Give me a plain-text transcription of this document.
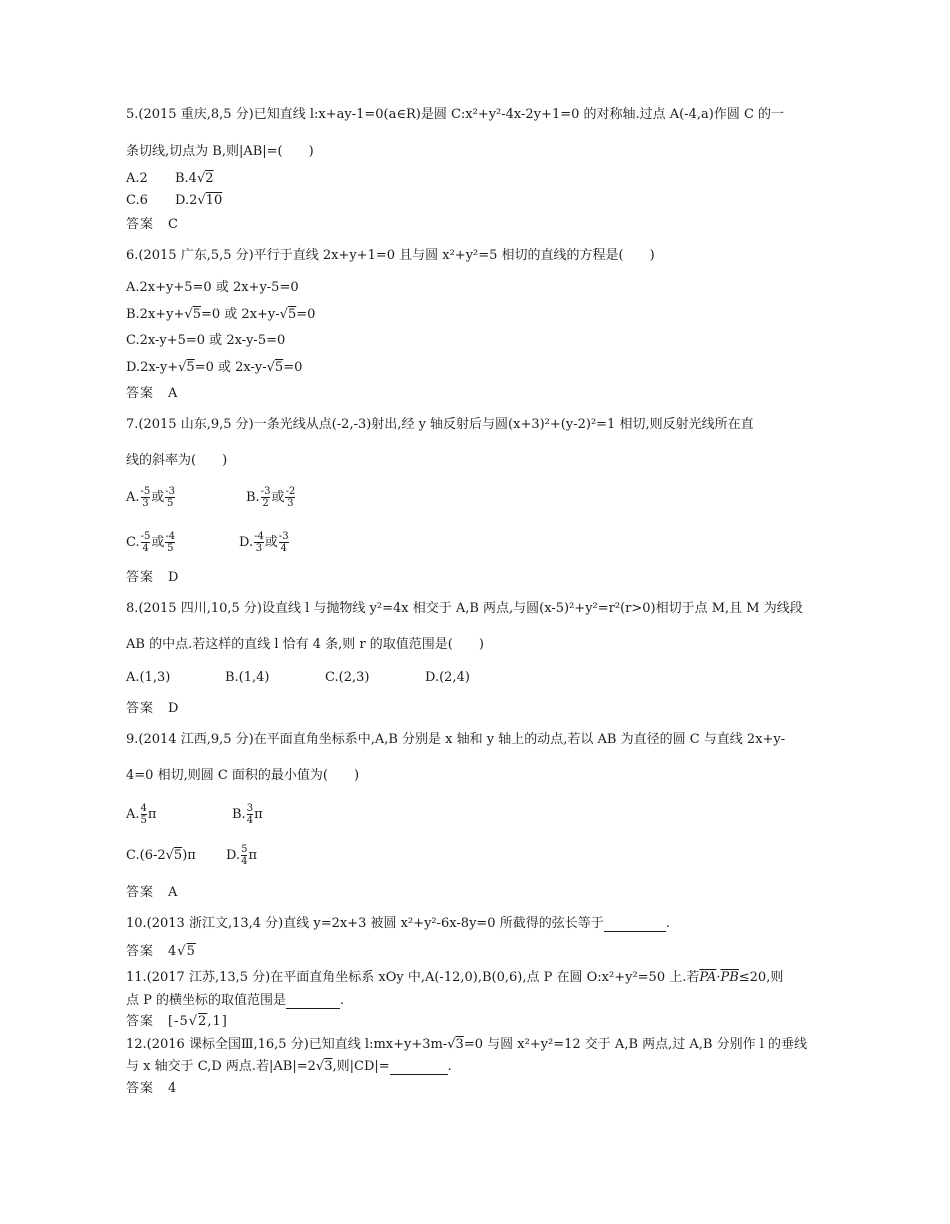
5.(2015 重庆,8,5 分)已知直线 l:x+ay-1=0(a∈R)是圆 C:x²+y²-4x-2y+1=0 的对称轴.过点 A(-4,a)作圆 C 的一
条切线,切点为 B,则|AB|=(　　)
A.2 B.4√2
C.6 D.2√10
答案　C
6.(2015 广东,5,5 分)平行于直线 2x+y+1=0 且与圆 x²+y²=5 相切的直线的方程是(　　)
A.2x+y+5=0 或 2x+y-5=0
B.2x+y+√5=0 或 2x+y-√5=0
C.2x-y+5=0 或 2x-y-5=0
D.2x-y+√5=0 或 2x-y-√5=0
答案　A
7.(2015 山东,9,5 分)一条光线从点(-2,-3)射出,经 y 轴反射后与圆(x+3)²+(y-2)²=1 相切,则反射光线所在直
线的斜率为(　　)
A. $\frac{-5}{3}$ 或 $\frac{-3}{5}$	B. $\frac{-3}{2}$ 或 $\frac{-2}{3}$
C. $\frac{-5}{4}$ 或 $\frac{-4}{5}$	D. $\frac{-4}{3}$ 或 $\frac{-3}{4}$
答案　D
8.(2015 四川,10,5 分)设直线 l 与抛物线 y²=4x 相交于 A,B 两点,与圆(x-5)²+y²=r²(r>0)相切于点 M,且 M 为线段
AB 的中点.若这样的直线 l 恰有 4 条,则 r 的取值范围是(　　)
A.(1,3)	B.(1,4)	C.(2,3)	D.(2,4)
答案　D
9.(2014 江西,9,5 分)在平面直角坐标系中,A,B 分别是 x 轴和 y 轴上的动点,若以 AB 为直径的圆 C 与直线 2x+y-
4=0 相切,则圆 C 面积的最小值为(　　)
A. $\frac{4}{5}$ π	B. $\frac{3}{4}$ π
C.(6-2√5)π D. $\frac{5}{4}$ π
答案　A
10.(2013 浙江文,13,4 分)直线 y=2x+3 被圆 x²+y²-6x-8y=0 所截得的弦长等于	.
答案　4√5
11.(2017 江苏,13,5 分)在平面直角坐标系 xOy 中,A(-12,0),B(0,6),点 P 在圆 O:x²+y²=50 上.若$\overline{PA}\cdot\overline{PB}\le 20$,则
点 P 的横坐标的取值范围是	.
答案　[-5√2,1]
12.(2016 课标全国Ⅲ,16,5 分)已知直线 l:mx+y+3m-√3=0 与圆 x²+y²=12 交于 A,B 两点,过 A,B 分别作 l 的垂线
与 x 轴交于 C,D 两点.若|AB|=2√3,则|CD|=	.
答案　4
